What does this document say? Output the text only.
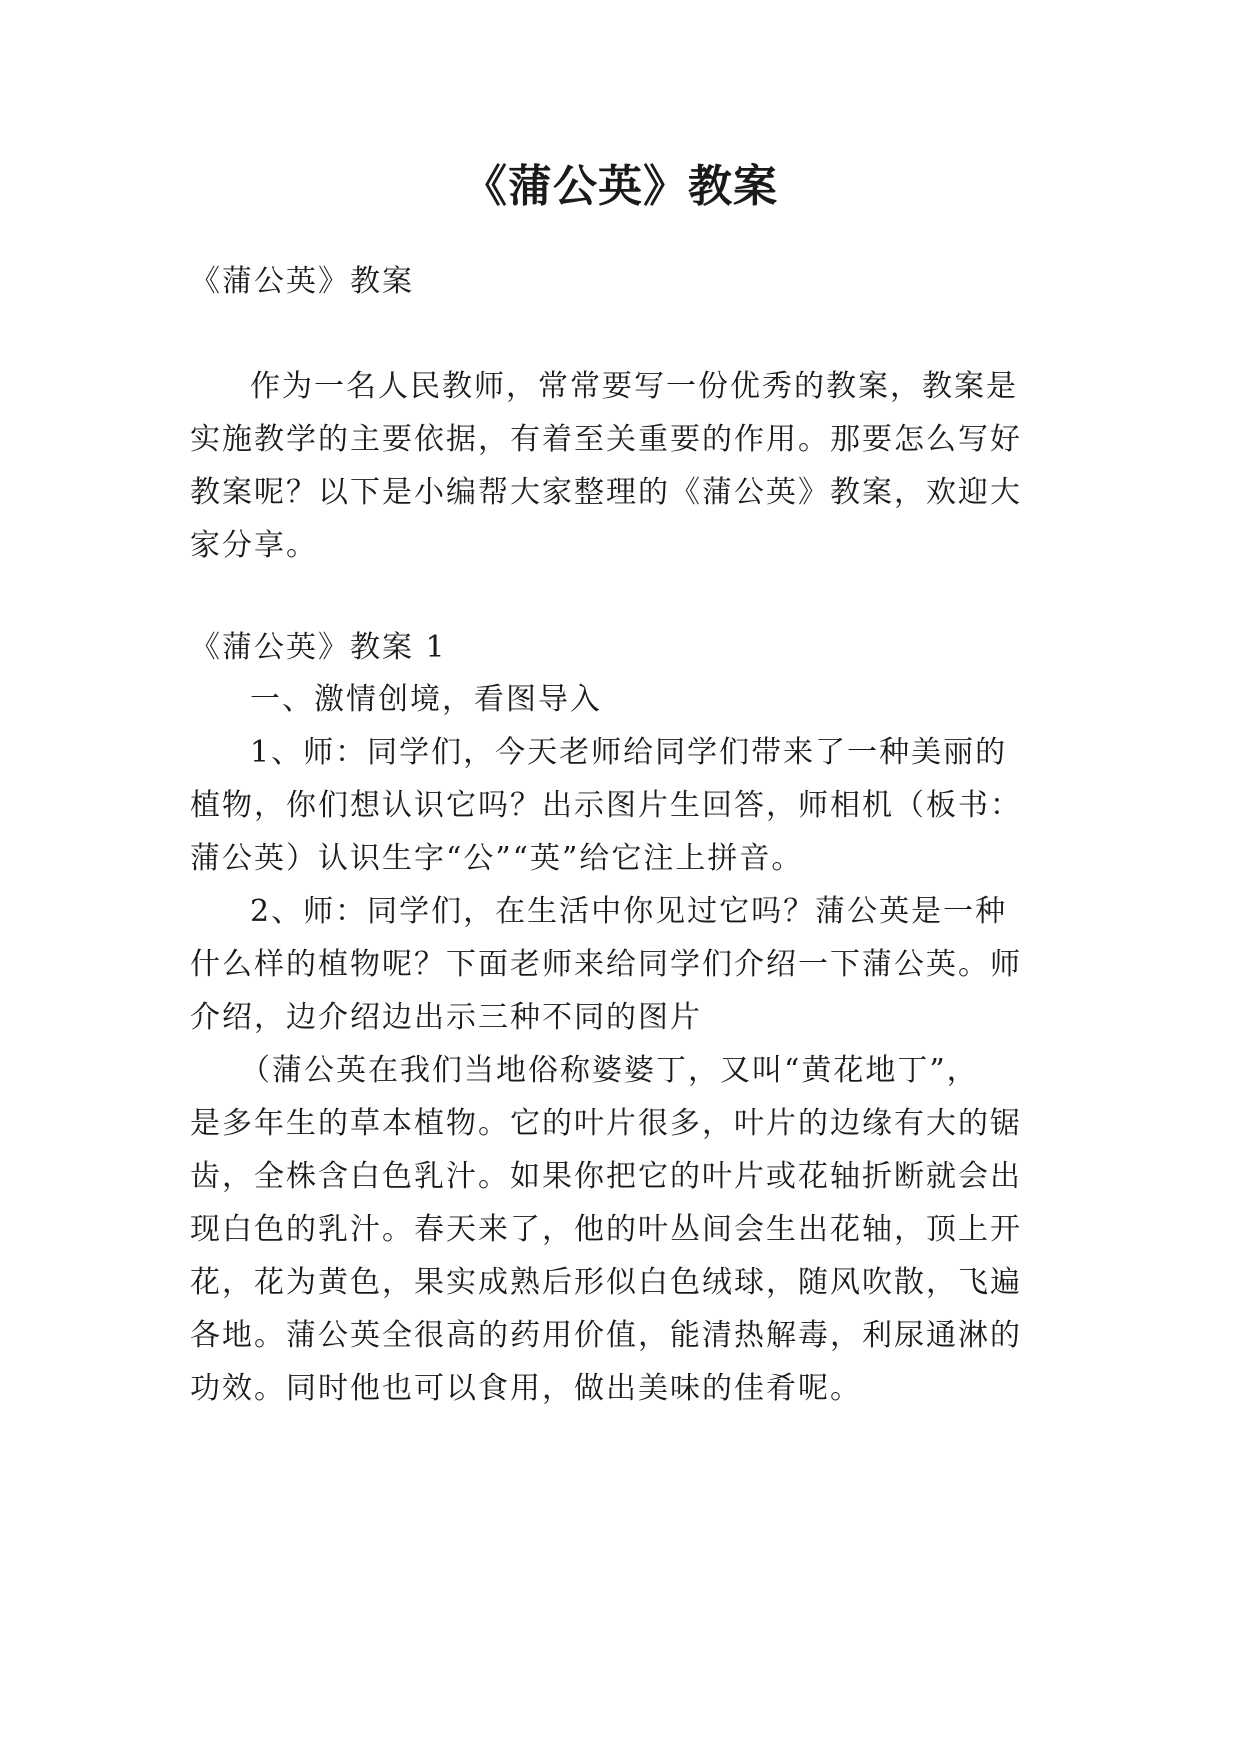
《蒲公英》教案
《蒲公英》教案
作为一名人民教师，常常要写一份优秀的教案，教案是
实施教学的主要依据，有着至关重要的作用。那要怎么写好
教案呢？以下是小编帮大家整理的《蒲公英》教案，欢迎大
家分享。
《蒲公英》教案 1
一、激情创境，看图导入
1、师：同学们，今天老师给同学们带来了一种美丽的
植物，你们想认识它吗？出示图片生回答，师相机（板书：
蒲公英）认识生字“公”“英”给它注上拼音。
2、师：同学们，在生活中你见过它吗？蒲公英是一种
什么样的植物呢？下面老师来给同学们介绍一下蒲公英。师
介绍，边介绍边出示三种不同的图片
（蒲公英在我们当地俗称婆婆丁，又叫“黄花地丁”，
是多年生的草本植物。它的叶片很多，叶片的边缘有大的锯
齿，全株含白色乳汁。如果你把它的叶片或花轴折断就会出
现白色的乳汁。春天来了，他的叶丛间会生出花轴，顶上开
花，花为黄色，果实成熟后形似白色绒球，随风吹散，飞遍
各地。蒲公英全很高的药用价值，能清热解毒，利尿通淋的
功效。同时他也可以食用，做出美味的佳肴呢。
